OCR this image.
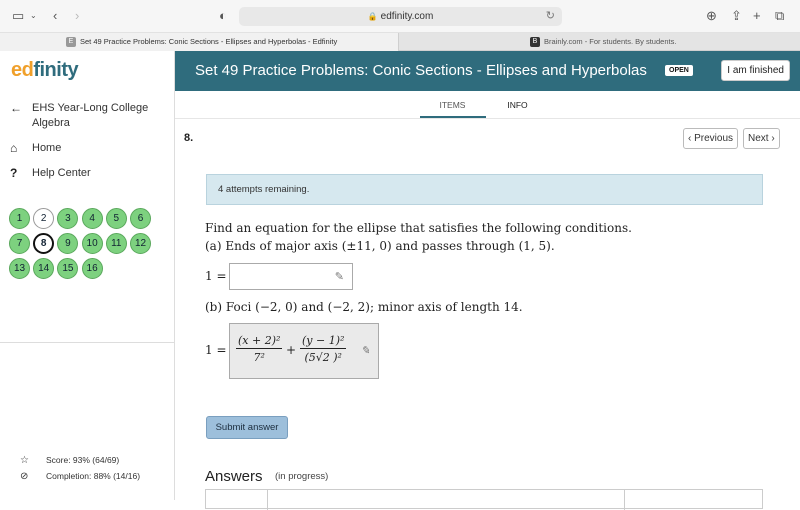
▭ ⌄ ‹ ›	◐	🔒 edfinity.com	↻	⊕ ⇪ + ⧉
E Set 49 Practice Problems: Conic Sections - Ellipses and Hyperbolas - Edfinity	B Brainly.com - For students. By students.
edfinity
← EHS Year-Long College Algebra
⌂ Home
? Help Center
1	2	3	4	5	6
7	8	9	10	11	12
13	14	15	16
☆ Score: 93% (64/69)
⊘ Completion: 88% (14/16)
Set 49 Practice Problems: Conic Sections - Ellipses and Hyperbolas	OPEN	I am finished
ITEMS	INFO
8.	‹ Previous	Next ›
4 attempts remaining.
Find an equation for the ellipse that satisfies the following conditions.
(a) Ends of major axis (±11, 0) and passes through (1, 5).
1 =	✎
(b) Foci (−2, 0) and (−2, 2); minor axis of length 14.
$1 = \frac{\text{(x + 2)²}}{\text{7²}} + \frac{\text{(y − 1)²}}{\text{(5√2 )²}}$ ✎
Submit answer
Answers (in progress)
